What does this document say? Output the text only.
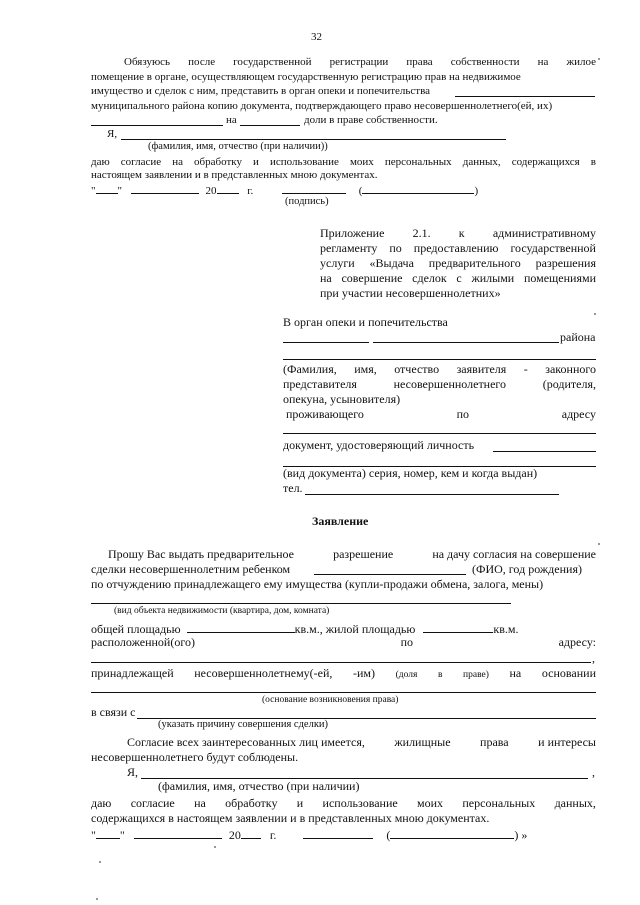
32
Обязуюсь после государственной регистрации права собственности на жилое
помещение в органе, осуществляющем государственную регистрацию прав на недвижимое
имущество и сделок с ним, представить в орган опеки и попечительства
муниципального района копию документа, подтверждающего право несовершеннолетнего(ей, их)
на	доли в праве собственности.
Я,
(фамилия, имя, отчество (при наличии))
даю согласие на обработку и использование моих персональных данных, содержащихся в
настоящем заявлении и в представленных мною документах.
" "	20	г.	(	)
(подпись)
Приложение 2.1. к административному
регламенту по предоставлению государственной
услуги «Выдача предварительного разрешения
на совершение сделок с жилыми помещениями
при участии несовершеннолетних»
В орган опеки и попечительства
района
(Фамилия, имя, отчество заявителя - законного
представителя	несовершеннолетнего	(родителя,
опекуна, усыновителя)
проживающего	по	адресу
документ, удостоверяющий личность
(вид документа) серия, номер, кем и когда выдан)
тел.
Заявление
Прошу Вас выдать предварительное	разрешение	на дачу согласия на совершение
сделки несовершеннолетним ребенком	(ФИО, год рождения)
по отчуждению принадлежащего ему имущества (купли-продажи обмена, залога, мены)
(вид объекта недвижимости (квартира, дом, комната)
общей площадью	кв.м., жилой площадью	кв.м.
расположенной(ого)	по	адресу:
,
принадлежащей несовершеннолетнему(-ей, -им) (доля в праве) на основании
(основание возникновения права)
в связи с
(указать причину совершения сделки)
Согласие всех заинтересованных лиц имеется, жилищные права и интересы
несовершеннолетнего будут соблюдены.
Я,	,
(фамилия, имя, отчество (при наличии)
даю согласие на обработку и использование моих персональных данных,
содержащихся в настоящем заявлении и в представленных мною документах.
" "	20 г.	(	) »
